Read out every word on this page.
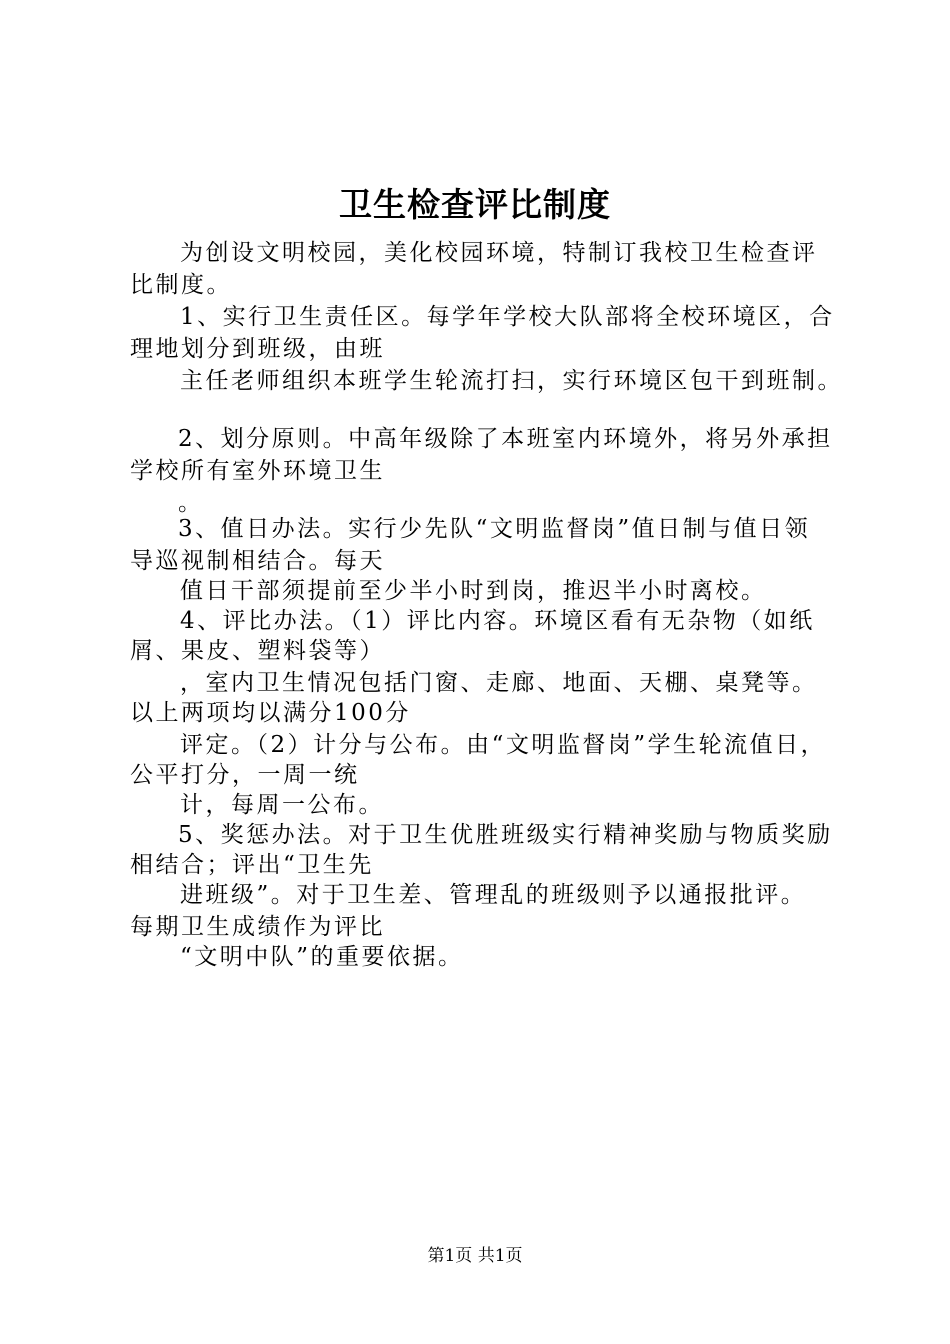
卫生检查评比制度
为创设文明校园，美化校园环境，特制订我校卫生检查评
比制度。
1、实行卫生责任区。每学年学校大队部将全校环境区，合
理地划分到班级，由班
主任老师组织本班学生轮流打扫，实行环境区包干到班制。
2、划分原则。中高年级除了本班室内环境外，将另外承担
学校所有室外环境卫生
。
3、值日办法。实行少先队“文明监督岗”值日制与值日领
导巡视制相结合。每天
值日干部须提前至少半小时到岗，推迟半小时离校。
4、评比办法。（1）评比内容。环境区看有无杂物（如纸
屑、果皮、塑料袋等）
，室内卫生情况包括门窗、走廊、地面、天棚、桌凳等。
以上两项均以满分100分
评定。（2）计分与公布。由“文明监督岗”学生轮流值日，
公平打分，一周一统
计，每周一公布。
5、奖惩办法。对于卫生优胜班级实行精神奖励与物质奖励
相结合；评出“卫生先
进班级”。对于卫生差、管理乱的班级则予以通报批评。
每期卫生成绩作为评比
“文明中队”的重要依据。
第1页 共1页
